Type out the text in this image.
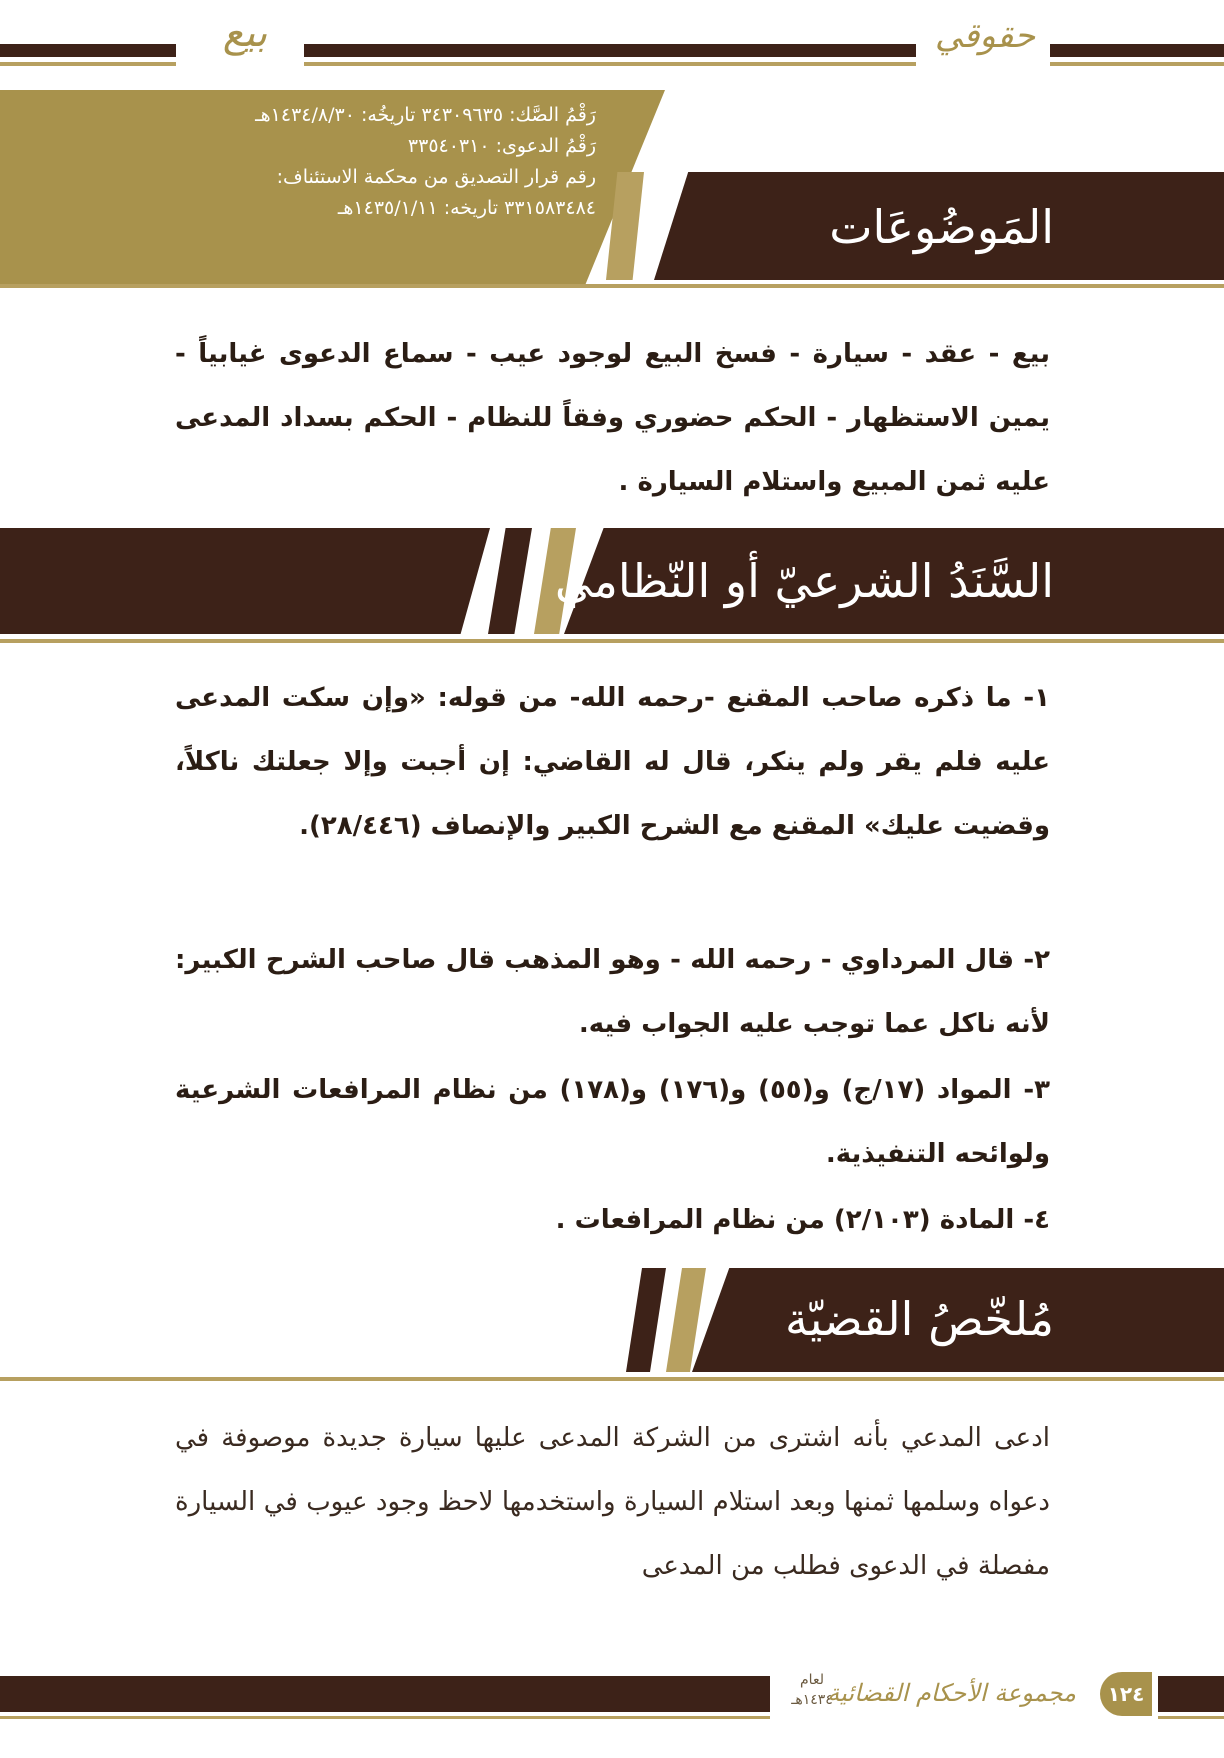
بيع	حقوقي
رَقْمُ الصَّك: ٣٤٣٠٩٦٣٥ تاريخُه: ١٤٣٤/٨/٣٠هـ
رَقْمُ الدعوى: ٣٣٥٤٠٣١٠
رقم قرار التصديق من محكمة الاستئناف:
٣٣١٥٨٣٤٨٤ تاريخه: ١٤٣٥/١/١١هـ	المَوضُوعَات
بيع - عقد - سيارة - فسخ البيع لوجود عيب - سماع الدعوى غيابياً - يمين الاستظهار - الحكم حضوري وفقاً للنظام - الحكم بسداد المدعى عليه ثمن المبيع واستلام السيارة .
السَّنَدُ الشرعيّ أو النّظامي
١- ما ذكره صاحب المقنع -رحمه الله- من قوله: «وإن سكت المدعى عليه فلم يقر ولم ينكر، قال له القاضي: إن أجبت وإلا جعلتك ناكلاً، وقضيت عليك» المقنع مع الشرح الكبير والإنصاف (٢٨/٤٤٦).
٢- قال المرداوي - رحمه الله - وهو المذهب قال صاحب الشرح الكبير: لأنه ناكل عما توجب عليه الجواب فيه.
٣- المواد (١٧/ج) و(٥٥) و(١٧٦) و(١٧٨) من نظام المرافعات الشرعية ولوائحه التنفيذية.
٤- المادة (٢/١٠٣) من نظام المرافعات .
مُلخّصُ القضيّة
ادعى المدعي بأنه اشترى من الشركة المدعى عليها سيارة جديدة موصوفة في دعواه وسلمها ثمنها وبعد استلام السيارة واستخدمها لاحظ وجود عيوب في السيارة مفصلة في الدعوى فطلب من المدعى
لعام
١٤٣٤هـ
مجموعة الأحكام القضائية	١٢٤
